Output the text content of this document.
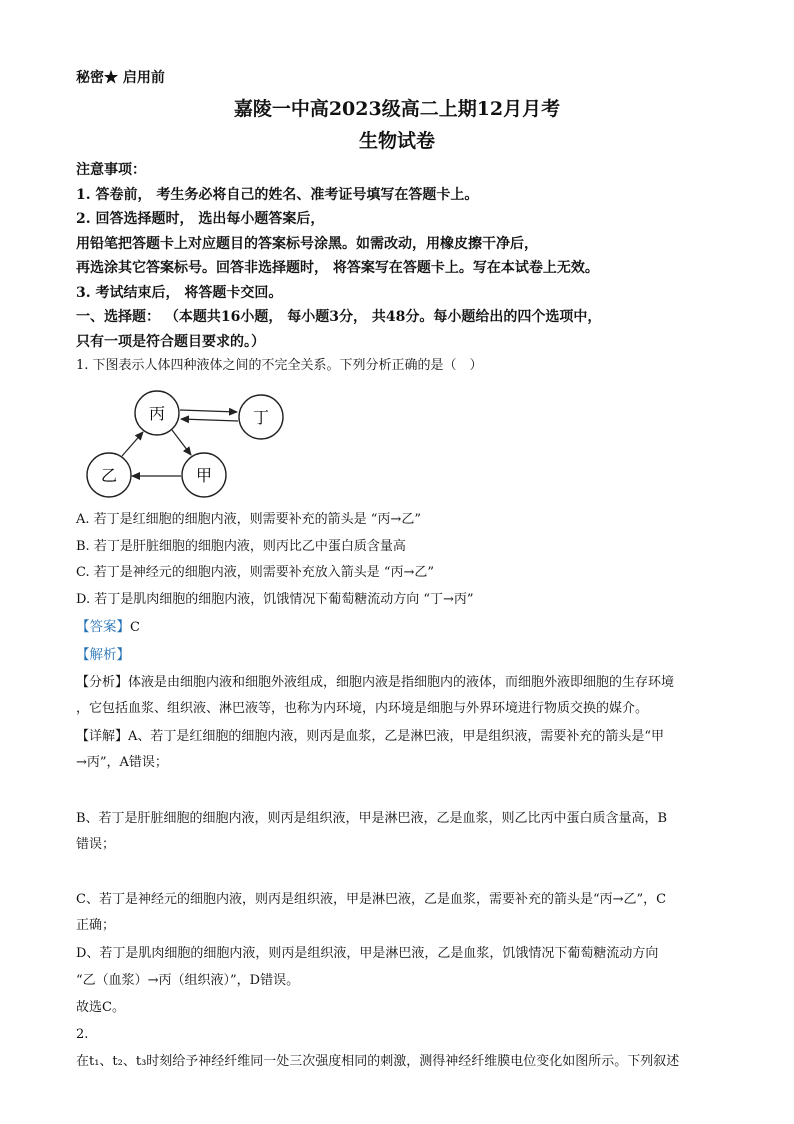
秘密★ 启用前
嘉陵一中高2023级高二上期12月月考
生物试卷
注意事项：
1. 答卷前， 考生务必将自己的姓名、准考证号填写在答题卡上。
2. 回答选择题时， 选出每小题答案后，
用铅笔把答题卡上对应题目的答案标号涂黑。如需改动，用橡皮擦干净后，
再选涂其它答案标号。回答非选择题时， 将答案写在答题卡上。写在本试卷上无效。
3. 考试结束后， 将答题卡交回。
一、选择题： （本题共16小题， 每小题3分， 共48分。每小题给出的四个选项中，
只有一项是符合题目要求的。）
1. 下图表示人体四种液体之间的不完全关系。下列分析正确的是（　）
丙	丁
乙	甲
A. 若丁是红细胞的细胞内液，则需要补充的箭头是 “丙→乙”
B. 若丁是肝脏细胞的细胞内液，则丙比乙中蛋白质含量高
C. 若丁是神经元的细胞内液，则需要补充放入箭头是 “丙→乙”
D. 若丁是肌肉细胞的细胞内液，饥饿情况下葡萄糖流动方向 “丁→丙”
【答案】C
【解析】
【分析】体液是由细胞内液和细胞外液组成，细胞内液是指细胞内的液体，而细胞外液即细胞的生存环境
，它包括血浆、组织液、淋巴液等，也称为内环境，内环境是细胞与外界环境进行物质交换的媒介。
【详解】A、若丁是红细胞的细胞内液，则丙是血浆，乙是淋巴液，甲是组织液，需要补充的箭头是“甲
→丙”，A错误；
B、若丁是肝脏细胞的细胞内液，则丙是组织液，甲是淋巴液，乙是血浆，则乙比丙中蛋白质含量高，B
错误；
C、若丁是神经元的细胞内液，则丙是组织液，甲是淋巴液，乙是血浆，需要补充的箭头是“丙→乙”，C
正确；
D、若丁是肌肉细胞的细胞内液，则丙是组织液，甲是淋巴液，乙是血浆，饥饿情况下葡萄糖流动方向
“乙（血浆）→丙（组织液）”，D错误。
故选C。
2.
在t₁、t₂、t₃时刻给予神经纤维同一处三次强度相同的刺激，测得神经纤维膜电位变化如图所示。下列叙述
